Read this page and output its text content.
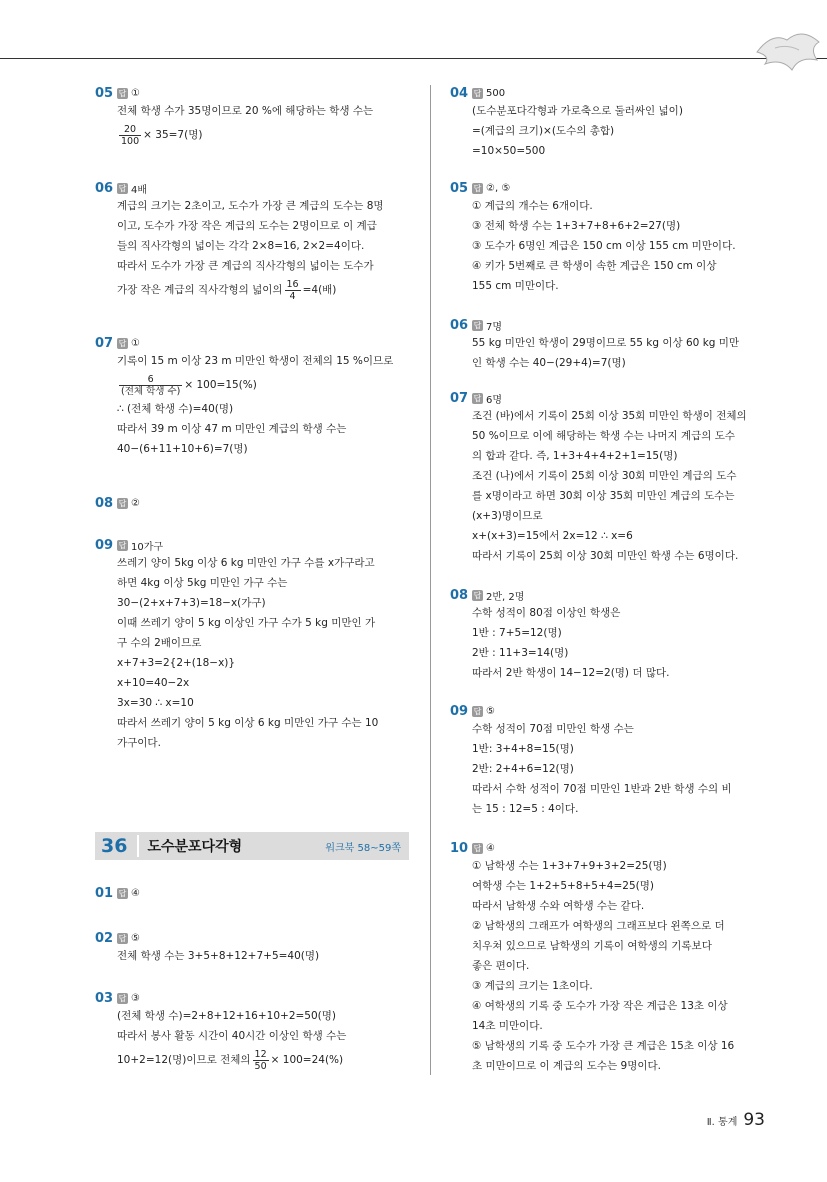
05 답 ①
전체 학생 수가 35명이므로 20 %에 해당하는 학생 수는
$\frac{20}{100} \times 35=7$(명)
06 답 4배
계급의 크기는 2초이고, 도수가 가장 큰 계급의 도수는 8명
이고, 도수가 가장 작은 계급의 도수는 2명이므로 이 계급
들의 직사각형의 넓이는 각각 2×8=16, 2×2=4이다.
따라서 도수가 가장 큰 계급의 직사각형의 넓이는 도수가
가장 작은 계급의 직사각형의 넓이의 $\frac{16}{4} =4$(배)
07 답 ①
기록이 15 m 이상 23 m 미만인 학생이 전체의 15 %이므로
$\frac{6}{\text{(전체 학생 수)}} \times 100=15(\%)$
∴ (전체 학생 수)=40(명)
따라서 39 m 이상 47 m 미만인 계급의 학생 수는
40−(6+11+10+6)=7(명)
08 답 ②
09 답 10가구
쓰레기 양이 5kg 이상 6 kg 미만인 가구 수를 x가구라고
하면 4kg 이상 5kg 미만인 가구 수는
30−(2+x+7+3)=18−x(가구)
이때 쓰레기 양이 5 kg 이상인 가구 수가 5 kg 미만인 가
구 수의 2배이므로
x+7+3=2{2+(18−x)}
x+10=40−2x
3x=30 ∴ x=10
따라서 쓰레기 양이 5 kg 이상 6 kg 미만인 가구 수는 10
가구이다.
01 답 ④
02 답 ⑤
전체 학생 수는 3+5+8+12+7+5=40(명)
03 답 ③
(전체 학생 수)=2+8+12+16+10+2=50(명)
따라서 봉사 활동 시간이 40시간 이상인 학생 수는
10+2=12(명)이므로 전체의 $\frac{12}{50} \times 100=24(\%)$
36	도수분포다각형	워크북 58~59쪽
04 답 500
(도수분포다각형과 가로축으로 둘러싸인 넓이)
=(계급의 크기)×(도수의 총합)
=10×50=500
05 답 ②, ⑤
① 계급의 개수는 6개이다.
③ 전체 학생 수는 1+3+7+8+6+2=27(명)
③ 도수가 6명인 계급은 150 cm 이상 155 cm 미만이다.
④ 키가 5번째로 큰 학생이 속한 계급은 150 cm 이상
155 cm 미만이다.
06 답 7명
55 kg 미만인 학생이 29명이므로 55 kg 이상 60 kg 미만
인 학생 수는 40−(29+4)=7(명)
07 답 6명
조건 (바)에서 기록이 25회 이상 35회 미만인 학생이 전체의
50 %이므로 이에 해당하는 학생 수는 나머지 계급의 도수
의 합과 같다. 즉, 1+3+4+4+2+1=15(명)
조건 (나)에서 기록이 25회 이상 30회 미만인 계급의 도수
를 x명이라고 하면 30회 이상 35회 미만인 계급의 도수는
(x+3)명이므로
x+(x+3)=15에서 2x=12 ∴ x=6
따라서 기록이 25회 이상 30회 미만인 학생 수는 6명이다.
08 답 2반, 2명
수학 성적이 80점 이상인 학생은
1반 : 7+5=12(명)
2반 : 11+3=14(명)
따라서 2반 학생이 14−12=2(명) 더 많다.
09 답 ⑤
수학 성적이 70점 미만인 학생 수는
1반: 3+4+8=15(명)
2반: 2+4+6=12(명)
따라서 수학 성적이 70점 미만인 1반과 2반 학생 수의 비
는 15 : 12=5 : 4이다.
10 답 ④
① 남학생 수는 1+3+7+9+3+2=25(명)
여학생 수는 1+2+5+8+5+4=25(명)
따라서 남학생 수와 여학생 수는 같다.
② 남학생의 그래프가 여학생의 그래프보다 왼쪽으로 더
치우쳐 있으므로 남학생의 기록이 여학생의 기록보다
좋은 편이다.
③ 계급의 크기는 1초이다.
④ 여학생의 기록 중 도수가 가장 작은 계급은 13초 이상
14초 미만이다.
⑤ 남학생의 기록 중 도수가 가장 큰 계급은 15초 이상 16
초 미만이므로 이 계급의 도수는 9명이다.
Ⅱ. 통계 93
